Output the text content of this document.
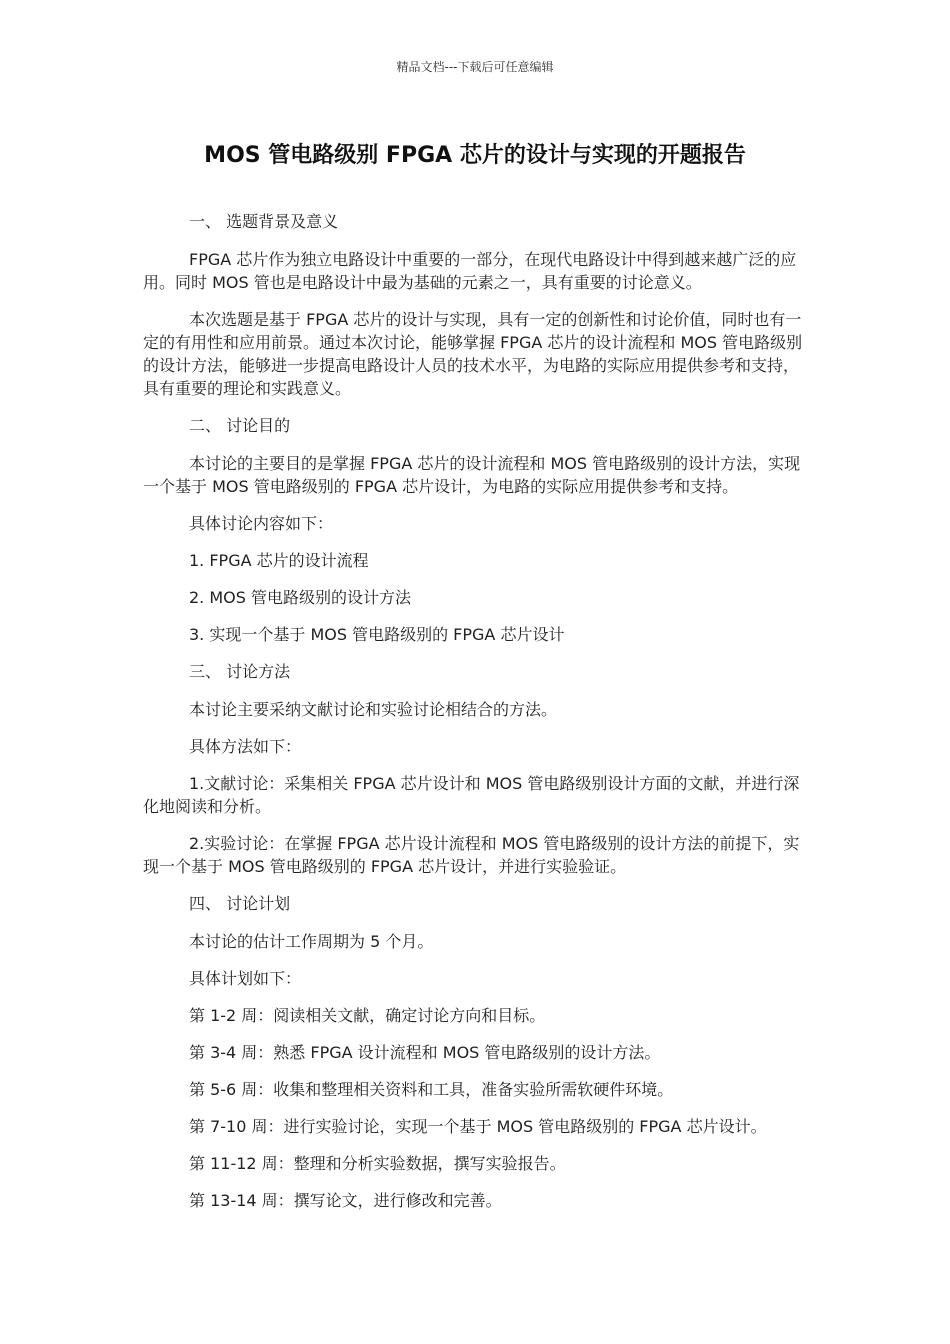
精品文档---下载后可任意编辑
MOS 管电路级别 FPGA 芯片的设计与实现的开题报告

一、 选题背景及意义

FPGA 芯片作为独立电路设计中重要的一部分，在现代电路设计中得到越来越广泛的应用。同时 MOS 管也是电路设计中最为基础的元素之一，具有重要的讨论意义。

本次选题是基于 FPGA 芯片的设计与实现，具有一定的创新性和讨论价值，同时也有一定的有用性和应用前景。通过本次讨论，能够掌握 FPGA 芯片的设计流程和 MOS 管电路级别的设计方法，能够进一步提高电路设计人员的技术水平，为电路的实际应用提供参考和支持，具有重要的理论和实践意义。

二、 讨论目的

本讨论的主要目的是掌握 FPGA 芯片的设计流程和 MOS 管电路级别的设计方法，实现一个基于 MOS 管电路级别的 FPGA 芯片设计，为电路的实际应用提供参考和支持。

具体讨论内容如下：

1. FPGA 芯片的设计流程

2. MOS 管电路级别的设计方法

3. 实现一个基于 MOS 管电路级别的 FPGA 芯片设计

三、 讨论方法

本讨论主要采纳文献讨论和实验讨论相结合的方法。

具体方法如下：

1.文献讨论：采集相关 FPGA 芯片设计和 MOS 管电路级别设计方面的文献，并进行深化地阅读和分析。

2.实验讨论：在掌握 FPGA 芯片设计流程和 MOS 管电路级别的设计方法的前提下，实现一个基于 MOS 管电路级别的 FPGA 芯片设计，并进行实验验证。

四、 讨论计划

本讨论的估计工作周期为 5 个月。

具体计划如下：

第 1-2 周：阅读相关文献，确定讨论方向和目标。

第 3-4 周：熟悉 FPGA 设计流程和 MOS 管电路级别的设计方法。

第 5-6 周：收集和整理相关资料和工具，准备实验所需软硬件环境。

第 7-10 周：进行实验讨论，实现一个基于 MOS 管电路级别的 FPGA 芯片设计。

第 11-12 周：整理和分析实验数据，撰写实验报告。

第 13-14 周：撰写论文，进行修改和完善。
